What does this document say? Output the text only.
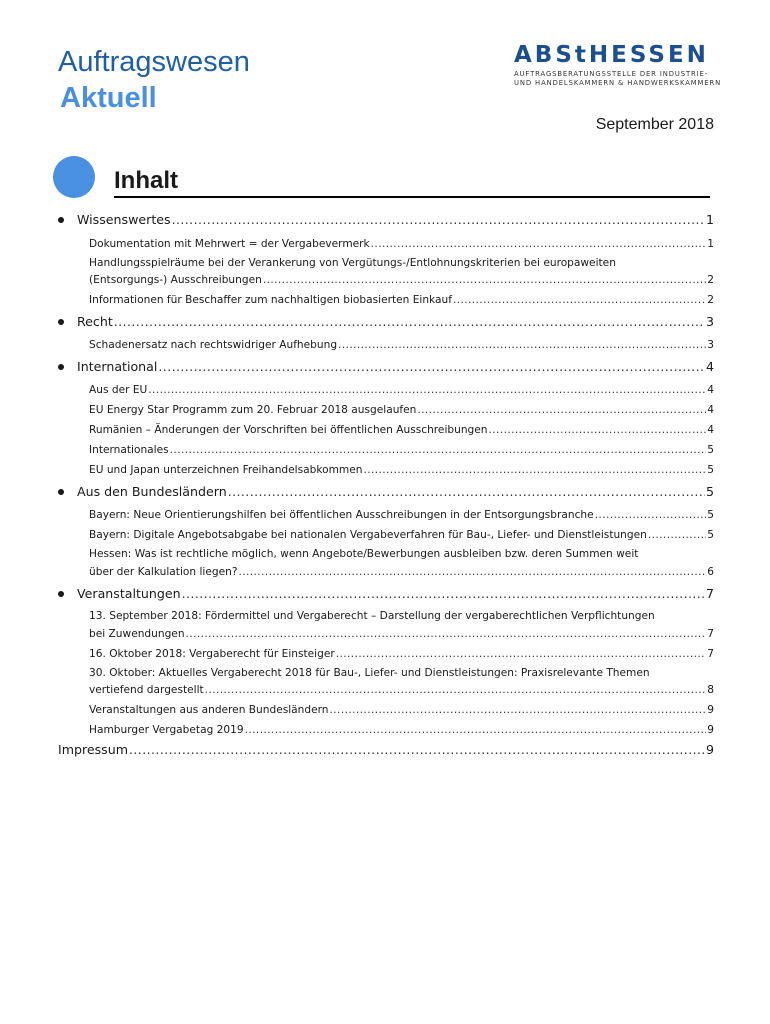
Auftragswesen
Aktuell
ABStHESSEN
AUFTRAGSBERATUNGSSTELLE DER INDUSTRIE-
UND HANDELSKAMMERN & HANDWERKSKAMMERN
September 2018
Inhalt
Wissenswertes .....	1
Dokumentation mit Mehrwert = der Vergabevermerk .....	1
Handlungsspielräume bei der Verankerung von Vergütungs-/Entlohnungskriterien bei europaweiten
(Entsorgungs-) Ausschreibungen .....	2
Informationen für Beschaffer zum nachhaltigen biobasierten Einkauf .....	2
Recht .....	3
Schadenersatz nach rechtswidriger Aufhebung .....	3
International .....	4
Aus der EU .....	4
EU Energy Star Programm zum 20. Februar 2018 ausgelaufen .....	4
Rumänien – Änderungen der Vorschriften bei öffentlichen Ausschreibungen .....	4
Internationales .....	5
EU und Japan unterzeichnen Freihandelsabkommen .....	5
Aus den Bundesländern .....	5
Bayern: Neue Orientierungshilfen bei öffentlichen Ausschreibungen in der Entsorgungsbranche .....	5
Bayern: Digitale Angebotsabgabe bei nationalen Vergabeverfahren für Bau-, Liefer- und Dienstleistungen .....	5
Hessen: Was ist rechtliche möglich, wenn Angebote/Bewerbungen ausbleiben bzw. deren Summen weit
über der Kalkulation liegen? .....	6
Veranstaltungen .....	7
13. September 2018: Fördermittel und Vergaberecht – Darstellung der vergaberechtlichen Verpflichtungen
bei Zuwendungen .....	7
16. Oktober 2018: Vergaberecht für Einsteiger .....	7
30. Oktober: Aktuelles Vergaberecht 2018 für Bau-, Liefer- und Dienstleistungen: Praxisrelevante Themen
vertiefend dargestellt .....	8
Veranstaltungen aus anderen Bundesländern .....	9
Hamburger Vergabetag 2019 .....	9
Impressum .....	9
